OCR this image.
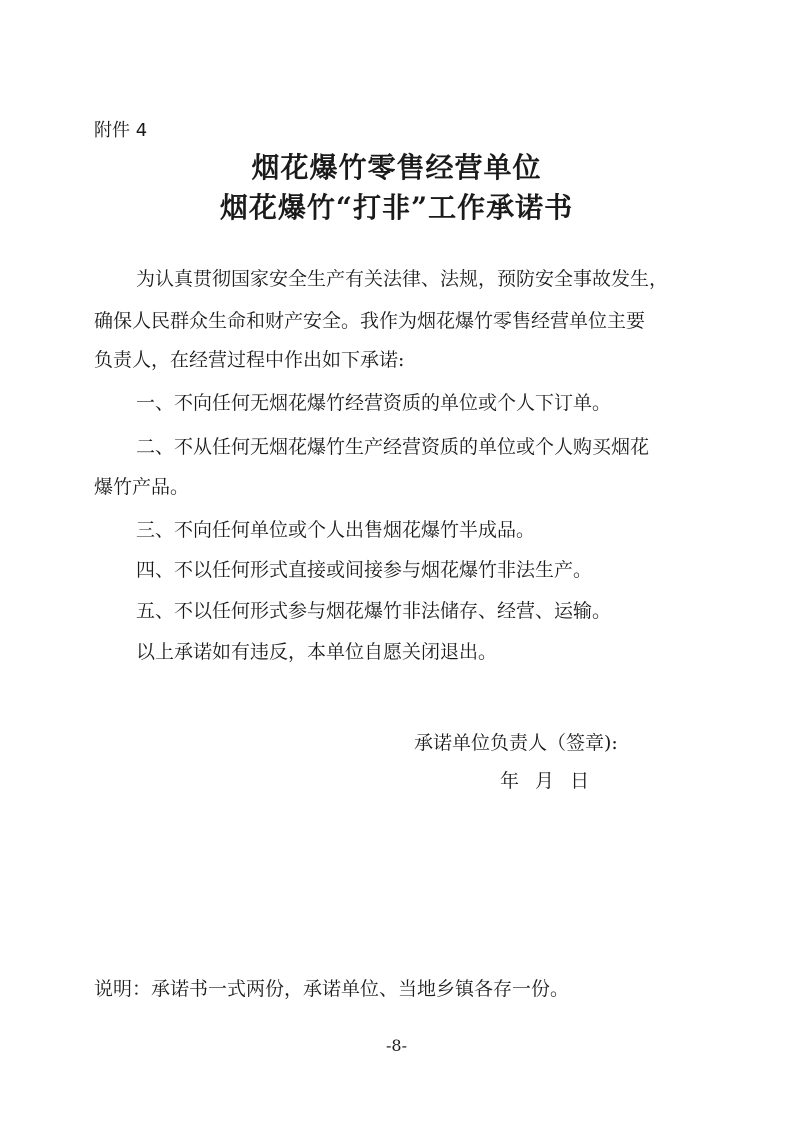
附件 4
烟花爆竹零售经营单位
烟花爆竹“打非”工作承诺书

为认真贯彻国家安全生产有关法律、法规，预防安全事故发生，

确保人民群众生命和财产安全。我作为烟花爆竹零售经营单位主要

负责人，在经营过程中作出如下承诺:

一、不向任何无烟花爆竹经营资质的单位或个人下订单。

二、不从任何无烟花爆竹生产经营资质的单位或个人购买烟花

爆竹产品。

三、不向任何单位或个人出售烟花爆竹半成品。

四、不以任何形式直接或间接参与烟花爆竹非法生产。

五、不以任何形式参与烟花爆竹非法储存、经营、运输。

以上承诺如有违反，本单位自愿关闭退出。

承诺单位负责人（签章):
年 月 日
说明：承诺书一式两份，承诺单位、当地乡镇各存一份。
-8-
